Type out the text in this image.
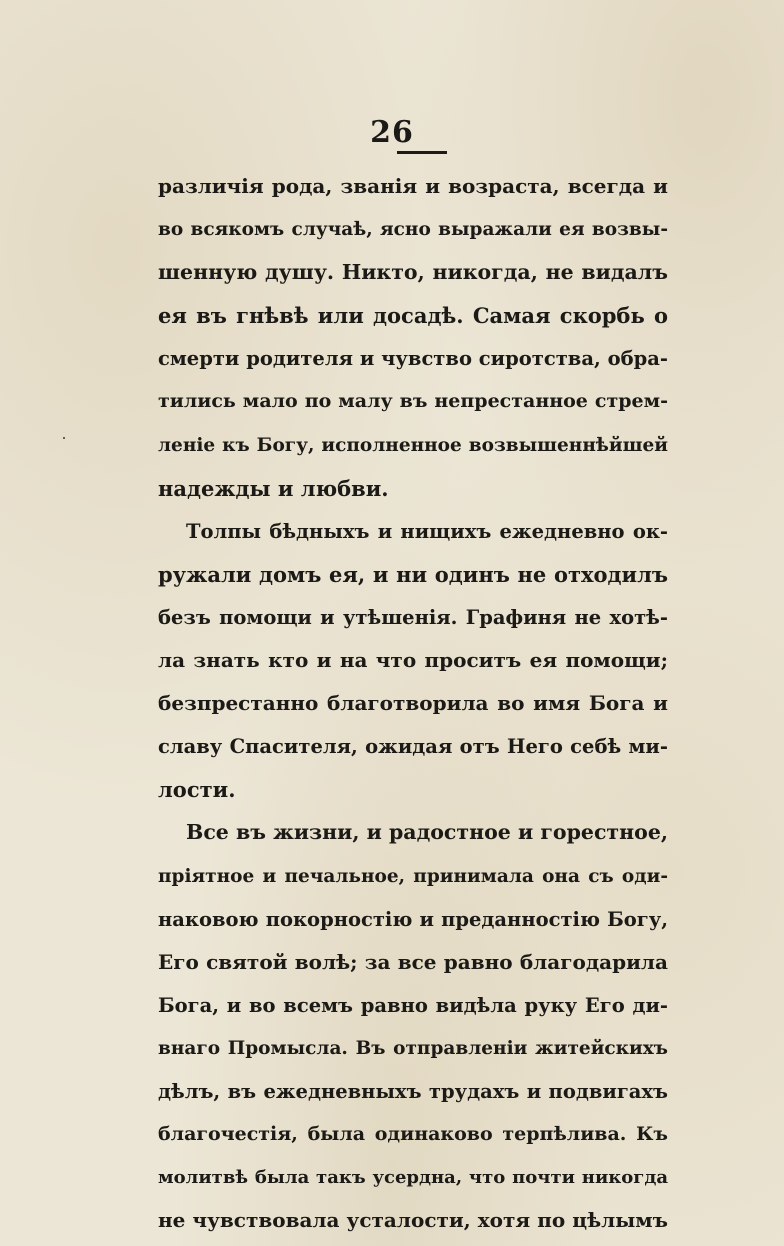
26
различія рода, званія и возраста, всегда и
во всякомъ случаѣ, ясно выражали ея возвы-
шенную душу. Никто, никогда, не видалъ
ея въ гнѣвѣ или досадѣ. Самая скорбь о
смерти родителя и чувство сиротства, обра-
тились мало по малу въ непрестанное стрем-
леніе къ Богу, исполненное возвышеннѣйшей
надежды и любви.
Толпы бѣдныхъ и нищихъ ежедневно ок-
ружали домъ ея, и ни одинъ не отходилъ
безъ помощи и утѣшенія. Графиня не хотѣ-
ла знать кто и на что проситъ ея помощи;
безпрестанно благотворила во имя Бога и
славу Спасителя, ожидая отъ Него себѣ ми-
лости.
Все въ жизни, и радостное и горестное,
пріятное и печальное, принимала она съ оди-
наковою покорностію и преданностію Богу,
Его святой волѣ; за все равно благодарила
Бога, и во всемъ равно видѣла руку Его ди-
внаго Промысла. Въ отправленіи житейскихъ
дѣлъ, въ ежедневныхъ трудахъ и подвигахъ
благочестія, была одинаково терпѣлива. Къ
молитвѣ была такъ усердна, что почти никогда
не чувствовала усталости, хотя по цѣлымъ
